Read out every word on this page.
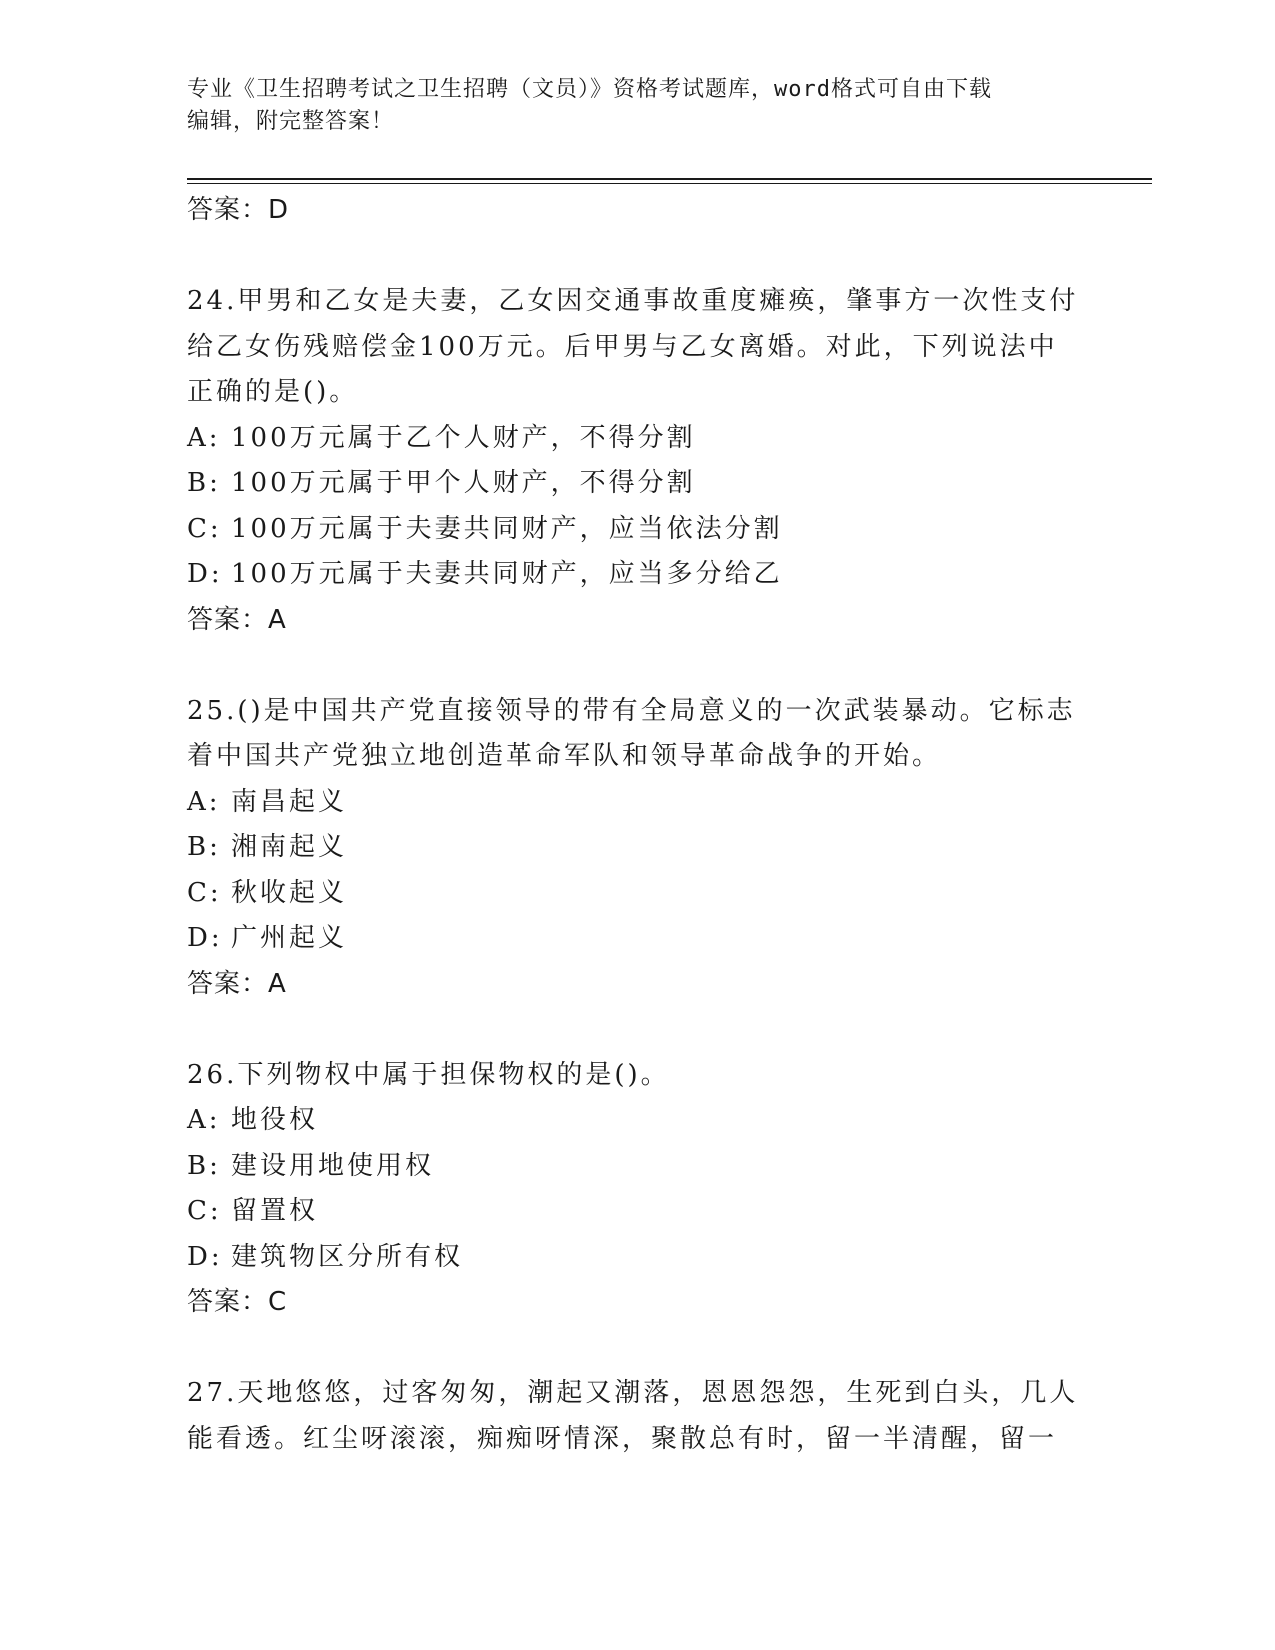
专业《卫生招聘考试之卫生招聘（文员）》资格考试题库，word格式可自由下载
编辑，附完整答案！
答案：D
24.甲男和乙女是夫妻，乙女因交通事故重度瘫痪，肇事方一次性支付
给乙女伤残赔偿金100万元。后甲男与乙女离婚。对此，下列说法中
正确的是()。
A: 100万元属于乙个人财产，不得分割
B: 100万元属于甲个人财产，不得分割
C: 100万元属于夫妻共同财产，应当依法分割
D: 100万元属于夫妻共同财产，应当多分给乙
答案：A
25.()是中国共产党直接领导的带有全局意义的一次武装暴动。它标志
着中国共产党独立地创造革命军队和领导革命战争的开始。
A: 南昌起义
B: 湘南起义
C: 秋收起义
D: 广州起义
答案：A
26.下列物权中属于担保物权的是()。
A: 地役权
B: 建设用地使用权
C: 留置权
D: 建筑物区分所有权
答案：C
27.天地悠悠，过客匆匆，潮起又潮落，恩恩怨怨，生死到白头，几人
能看透。红尘呀滚滚，痴痴呀情深，聚散总有时，留一半清醒，留一
